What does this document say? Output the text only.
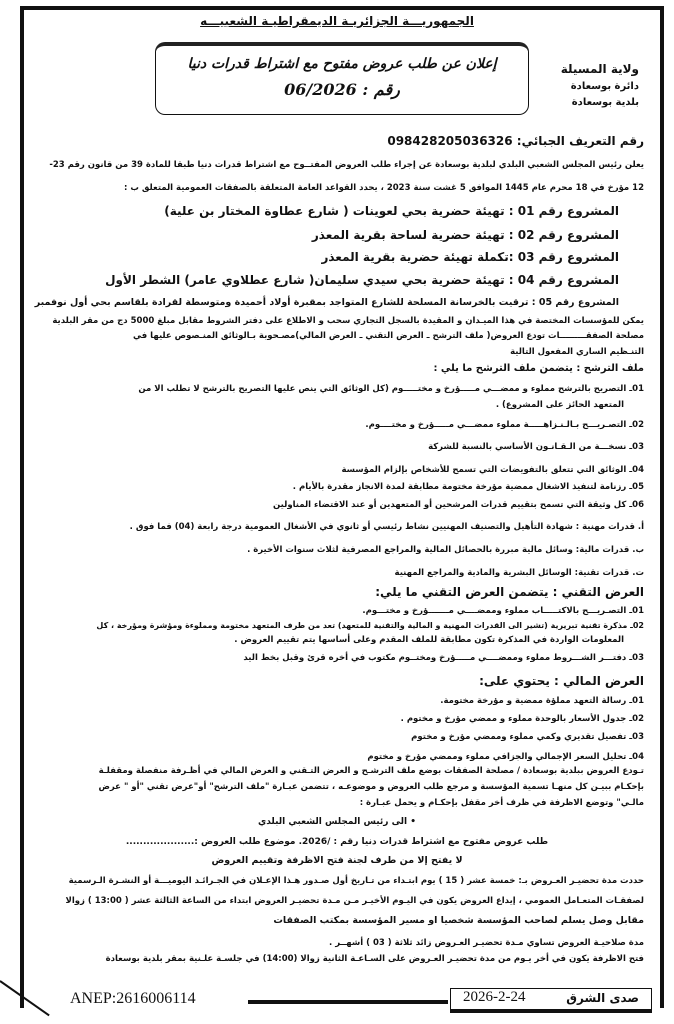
الجمهوريـــة الجزائريـة الديمقراطيـة الشعبيـــه
إعلان عن طلب عروض مفتوح مع اشتراط قدرات دنيا
رقم : 06/2026
ولاية المسيلة
دائرة بوسعادة
بلدية بوسعادة
رقم التعريف الجبائي: 098428205036326
يعلن رئيس المجلس الشعبي البلدي لبلدية بوسعادة عن إجراء طلب العروض المفتــوح مع اشتراط قدرات دنيا طبقا للمادة 39 من قانون رقم 23-
12 مؤرخ في 18 محرم عام 1445 الموافق 5 غشت سنة 2023 ، يحدد القواعد العامة المتعلقة بالصفقات العمومية المتعلق ب :
المشروع رقم 01 : تهيئة حضرية بحي لعوينات ( شارع عطاوة المختار بن علية)
المشروع رقم 02 : تهيئة حضرية لساحة بقرية المعذر
المشروع رقم 03 :تكملة تهيئة حضرية بقرية المعذر
المشروع رقم 04 : تهيئة حضرية بحي سيدي سليمان( شارع عطلاوي عامر) الشطر الأول
المشروع رقم 05 : ترقيت بالخرسانة المسلحة للشارع المتواجد بمقبرة أولاد أحميدة ومتوسطة لقرادة بلقاسم بحي أول نوفمبر
يمكن للمؤسسات المختصة في هذا الميـدان و المقيدة بالسجل التجاري سحب و الاطلاع على دفتر الشروط مقابل مبلغ 5000 دج من مقر البلدية
مصلحة الصفقـــــــــات تودع العروض( ملف الترشح ـ العرض التقني ـ العرض المالي)مصـحوبة بـالوثائق المنـصوص عليها في
التنـظيم الساري المفعول التالية
ملف الترشح : يتضمن ملف الترشح ما يلي :
01ـ التصريح بالترشح مملوء و ممضـــي مـــــؤرخ و مختـــــوم (كل الوثائق التي ينص عليها التصريح بالترشح لا تطلب الا من
المتعهد الحائز على المشروع) .
02ـ التصـريـــح بـالـنـزاهـــــة مملوء ممضـــي مـــــؤرخ و مختــــوم.
03ـ نسخـــة من الـقـانـون الأساسي بالنسبة للشركة
04ـ الوثائق التي تتعلق بالتفويضات التي تسمح للأشخاص بإلزام المؤسسة
05ـ رزنامة لتنفيذ الاشغال ممضية مؤرخة مختومة مطابقة لمدة الانجاز مقدرة بالأيام .
06ـ كل وثيقة التي تسمح بتقييم قدرات المرشحين أو المتعهدين أو عند الاقتضاء المناولين
أ. قدرات مهنية : شهادة التأهيل والتصنيف المهنيين نشاط رئيسي أو ثانوي في الأشغال العمومية درجة رابعة (04) فما فوق .
ب. قدرات مالية: وسائل مالية مبررة بالحصائل المالية والمراجع المصرفية لثلاث سنوات الأخيرة .
ت. قدرات تقنية: الوسائل البشرية والمادية والمراجع المهنية
العرض التقني : يتضمن العرض التقني ما يلي:
01ـ التصـريـــح بالاكتـــــاب مملوء وممضــــي مـــــــؤرخ و مختـــوم.
02ـ مذكرة تقنية تبريرية (تشير الى القدرات المهنية و المالية والتقنية للمتعهد) تعد من طرف المتعهد مختومة ومملوءة ومؤشرة ومؤرخة ، كل
المعلومات الواردة في المذكرة تكون مطابقة للملف المقدم وعلى أساسها يتم تقييم العروض .
03ـ دفتـــر الشـــروط مملوء وممضــــي مـــــؤرخ ومختــوم مكتوب في أخره قرئ وقبل بخط اليد
العرض المالي : يحتوي على:
01ـ رسالة التعهد مملؤة ممضية و مؤرخة مختومة.
02ـ جدول الأسعار بالوحدة مملوء و ممضي مؤرخ و مختوم .
03ـ تفصيل تقديري وكمي مملوء وممضي مؤرخ و مختوم
04ـ تحليل السعر الإجمالي والجزافي مملوء وممضي مؤرخ و مختوم
تـودع العروض ببلدية بوسعادة / مصلحة الصفقات بوضع ملف الترشـح و العرض التـقني و العرض المالي في أظـرفة منفصلة ومقفلـة
بإحكـام ببيـن كل منهـا تسمية المؤسسة و مرجع طلب العروض و موضوعـه ، تتضمن عبـارة "ملف الترشح" أو"عرض تقني "أو " عرض
مالـي" وتوضع الاظرفة في ظرف أخر مقفل بإحكـام و يحمل عبـارة :
• الى رئيس المجلس الشعبي البلدي
طلب عروض مفتوح مع اشتراط قدرات دنيا رقم : /2026. موضوع طلب العروض :....................
لا يفتح إلا من طرف لجنة فتح الاظرفة وتقييم العروض
حددت مدة تحضيـر العـروض بـ: خمسة عشر ( 15 ) يوم ابتـداء من تـاريخ أول صـدور هـذا الإعـلان في الجـرائـد اليوميـــة أو النشـرة الـرسمية
لصفقـات المتعـامل العمومي ، إيداع العروض يكون في اليـوم الأخيـر مـن مـدة تحضيـر العروض ابتداء من الساعة الثالثة عشر ( 13:00 ) زوالا
مقابل وصل يسلم لصاحب المؤسسة شخصيا او مسير المؤسسة بمكتب الصفقات
مدة صلاحيـة العروض تساوي مـدة تحضيـر العـروض زائد ثلاثة ( 03 ) أشهــر .
فتح الاظرفة يكون في أخر يـوم من مدة تحضيـر العـروض على السـاعـة الثانية زوالا (14:00) في جلسـة علـنية بمقر بلدية بوسعادة
ANEP:2616006114	صدى الشرق
2026-2-24
